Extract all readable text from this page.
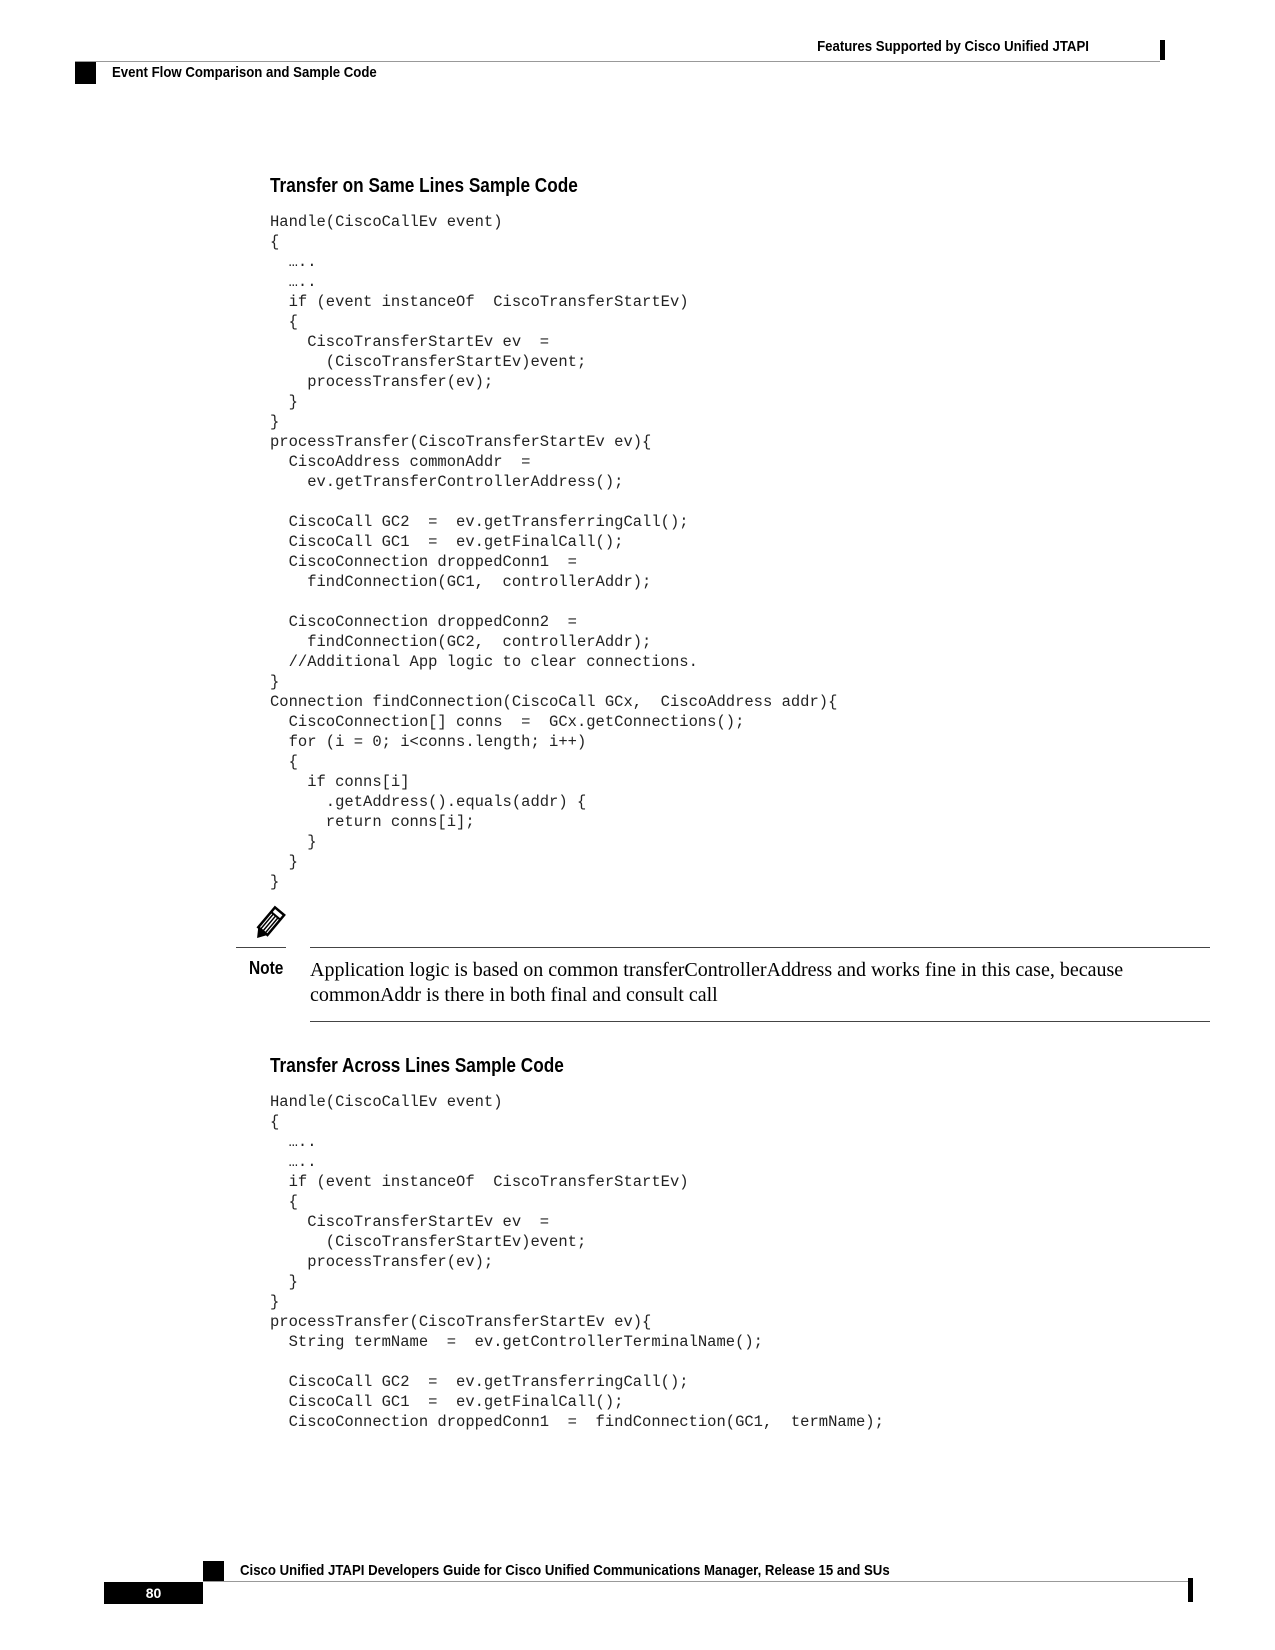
Features Supported by Cisco Unified JTAPI
Event Flow Comparison and Sample Code
Transfer on Same Lines Sample Code
Handle(CiscoCallEv event)
{
…..
…..
if (event instanceOf  CiscoTransferStartEv)
{
CiscoTransferStartEv ev  =
(CiscoTransferStartEv)event;
processTransfer(ev);
}
}
processTransfer(CiscoTransferStartEv ev){
CiscoAddress commonAddr  =
ev.getTransferControllerAddress();
CiscoCall GC2  =  ev.getTransferringCall();
CiscoCall GC1  =  ev.getFinalCall();
CiscoConnection droppedConn1  =
findConnection(GC1,  controllerAddr);
CiscoConnection droppedConn2  =
findConnection(GC2,  controllerAddr);
//Additional App logic to clear connections.
}
Connection findConnection(CiscoCall GCx,  CiscoAddress addr){
CiscoConnection[] conns  =  GCx.getConnections();
for (i = 0; i<conns.length; i++)
{
if conns[i]
.getAddress().equals(addr) {
return conns[i];
}
}
}
Note Application logic is based on common transferControllerAddress and works fine in this case, because commonAddr is there in both final and consult call
Transfer Across Lines Sample Code
Handle(CiscoCallEv event)
{
…..
…..
if (event instanceOf  CiscoTransferStartEv)
{
CiscoTransferStartEv ev  =
(CiscoTransferStartEv)event;
processTransfer(ev);
}
}
processTransfer(CiscoTransferStartEv ev){
String termName  =  ev.getControllerTerminalName();
CiscoCall GC2  =  ev.getTransferringCall();
CiscoCall GC1  =  ev.getFinalCall();
CiscoConnection droppedConn1  =  findConnection(GC1,  termName);
Cisco Unified JTAPI Developers Guide for Cisco Unified Communications Manager, Release 15 and SUs
80
